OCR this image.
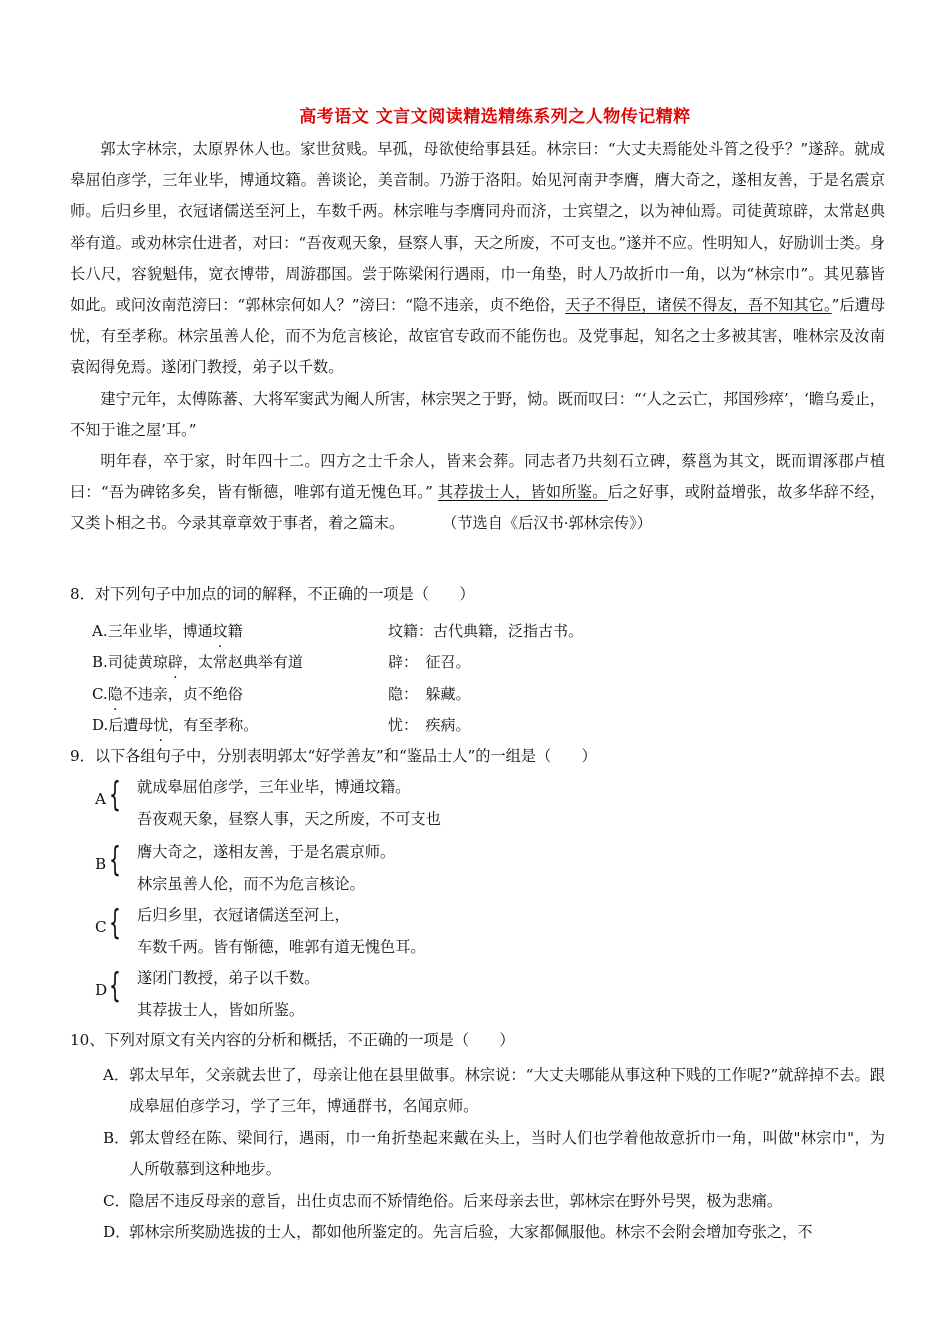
高考语文 文言文阅读精选精练系列之人物传记精粹

郭太字林宗，太原界休人也。家世贫贱。早孤，母欲使给事县廷。林宗曰：“大丈夫焉能处斗筲之役乎？”遂辞。就成皋屈伯彦学，三年业毕，博通坟籍。善谈论，美音制。乃游于洛阳。始见河南尹李膺，膺大奇之，遂相友善，于是名震京师。后归乡里，衣冠诸儒送至河上，车数千两。林宗唯与李膺同舟而济，士宾望之，以为神仙焉。司徒黄琼辟，太常赵典举有道。或劝林宗仕进者，对曰：“吾夜观天象，昼察人事，天之所废，不可支也。”遂并不应。性明知人，好励训士类。身长八尺，容貌魁伟，宽衣博带，周游郡国。尝于陈梁闲行遇雨，巾一角垫，时人乃故折巾一角，以为“林宗巾”。其见慕皆如此。或问汝南范滂曰：“郭林宗何如人？”滂曰：“隐不违亲，贞不绝俗，天子不得臣，诸侯不得友，吾不知其它。”后遭母忧，有至孝称。林宗虽善人伦，而不为危言核论，故宦官专政而不能伤也。及党事起，知名之士多被其害，唯林宗及汝南袁闳得免焉。遂闭门教授，弟子以千数。

建宁元年，太傅陈蕃、大将军窦武为阉人所害，林宗哭之于野，恸。既而叹曰：“‘人之云亡，邦国殄瘁’，‘瞻乌爰止，不知于谁之屋’耳。”

明年春，卒于家，时年四十二。四方之士千余人，皆来会葬。同志者乃共刻石立碑，蔡邕为其文，既而谓涿郡卢植曰：“吾为碑铭多矣，皆有惭德，唯郭有道无愧色耳。” 其荐拔士人，皆如所鉴。后之好事，或附益增张，故多华辞不经，又类卜相之书。今录其章章效于事者，着之篇末。	（节选自《后汉书·郭林宗传》）

8．对下列句子中加点的词的解释，不正确的一项是（　　）
A.三年业毕，博通坟籍	坟籍：古代典籍，泛指古书。
B.司徒黄琼辟，太常赵典举有道	辟：　征召。
C.隐不违亲，贞不绝俗	隐：　躲藏。
D.后遭母忧，有至孝称。	忧：　疾病。
9．以下各组句子中，分别表明郭太“好学善友”和“鉴品士人”的一组是（　　）
A { 就成皋屈伯彦学，三年业毕，博通坟籍。
吾夜观天象，昼察人事，天之所废，不可支也
B { 膺大奇之，遂相友善，于是名震京师。
林宗虽善人伦，而不为危言核论。
C { 后归乡里，衣冠诸儒送至河上，
车数千两。皆有惭德，唯郭有道无愧色耳。
D { 遂闭门教授，弟子以千数。
其荐拔士人，皆如所鉴。
10、下列对原文有关内容的分析和概括，不正确的一项是（　　）
A． 郭太早年，父亲就去世了，母亲让他在县里做事。林宗说：“大丈夫哪能从事这种下贱的工作呢?”就辞掉不去。跟成皋屈伯彦学习，学了三年，博通群书，名闻京师。
B． 郭太曾经在陈、梁间行，遇雨，巾一角折垫起来戴在头上，当时人们也学着他故意折巾一角，叫做"林宗巾"，为人所敬慕到这种地步。
C． 隐居不违反母亲的意旨，出仕贞忠而不矫情绝俗。后来母亲去世，郭林宗在野外号哭，极为悲痛。
D．
郭林宗所奖励选拔的士人，都如他所鉴定的。先言后验，大家都佩服他。林宗不会附会增加夸张之，不
